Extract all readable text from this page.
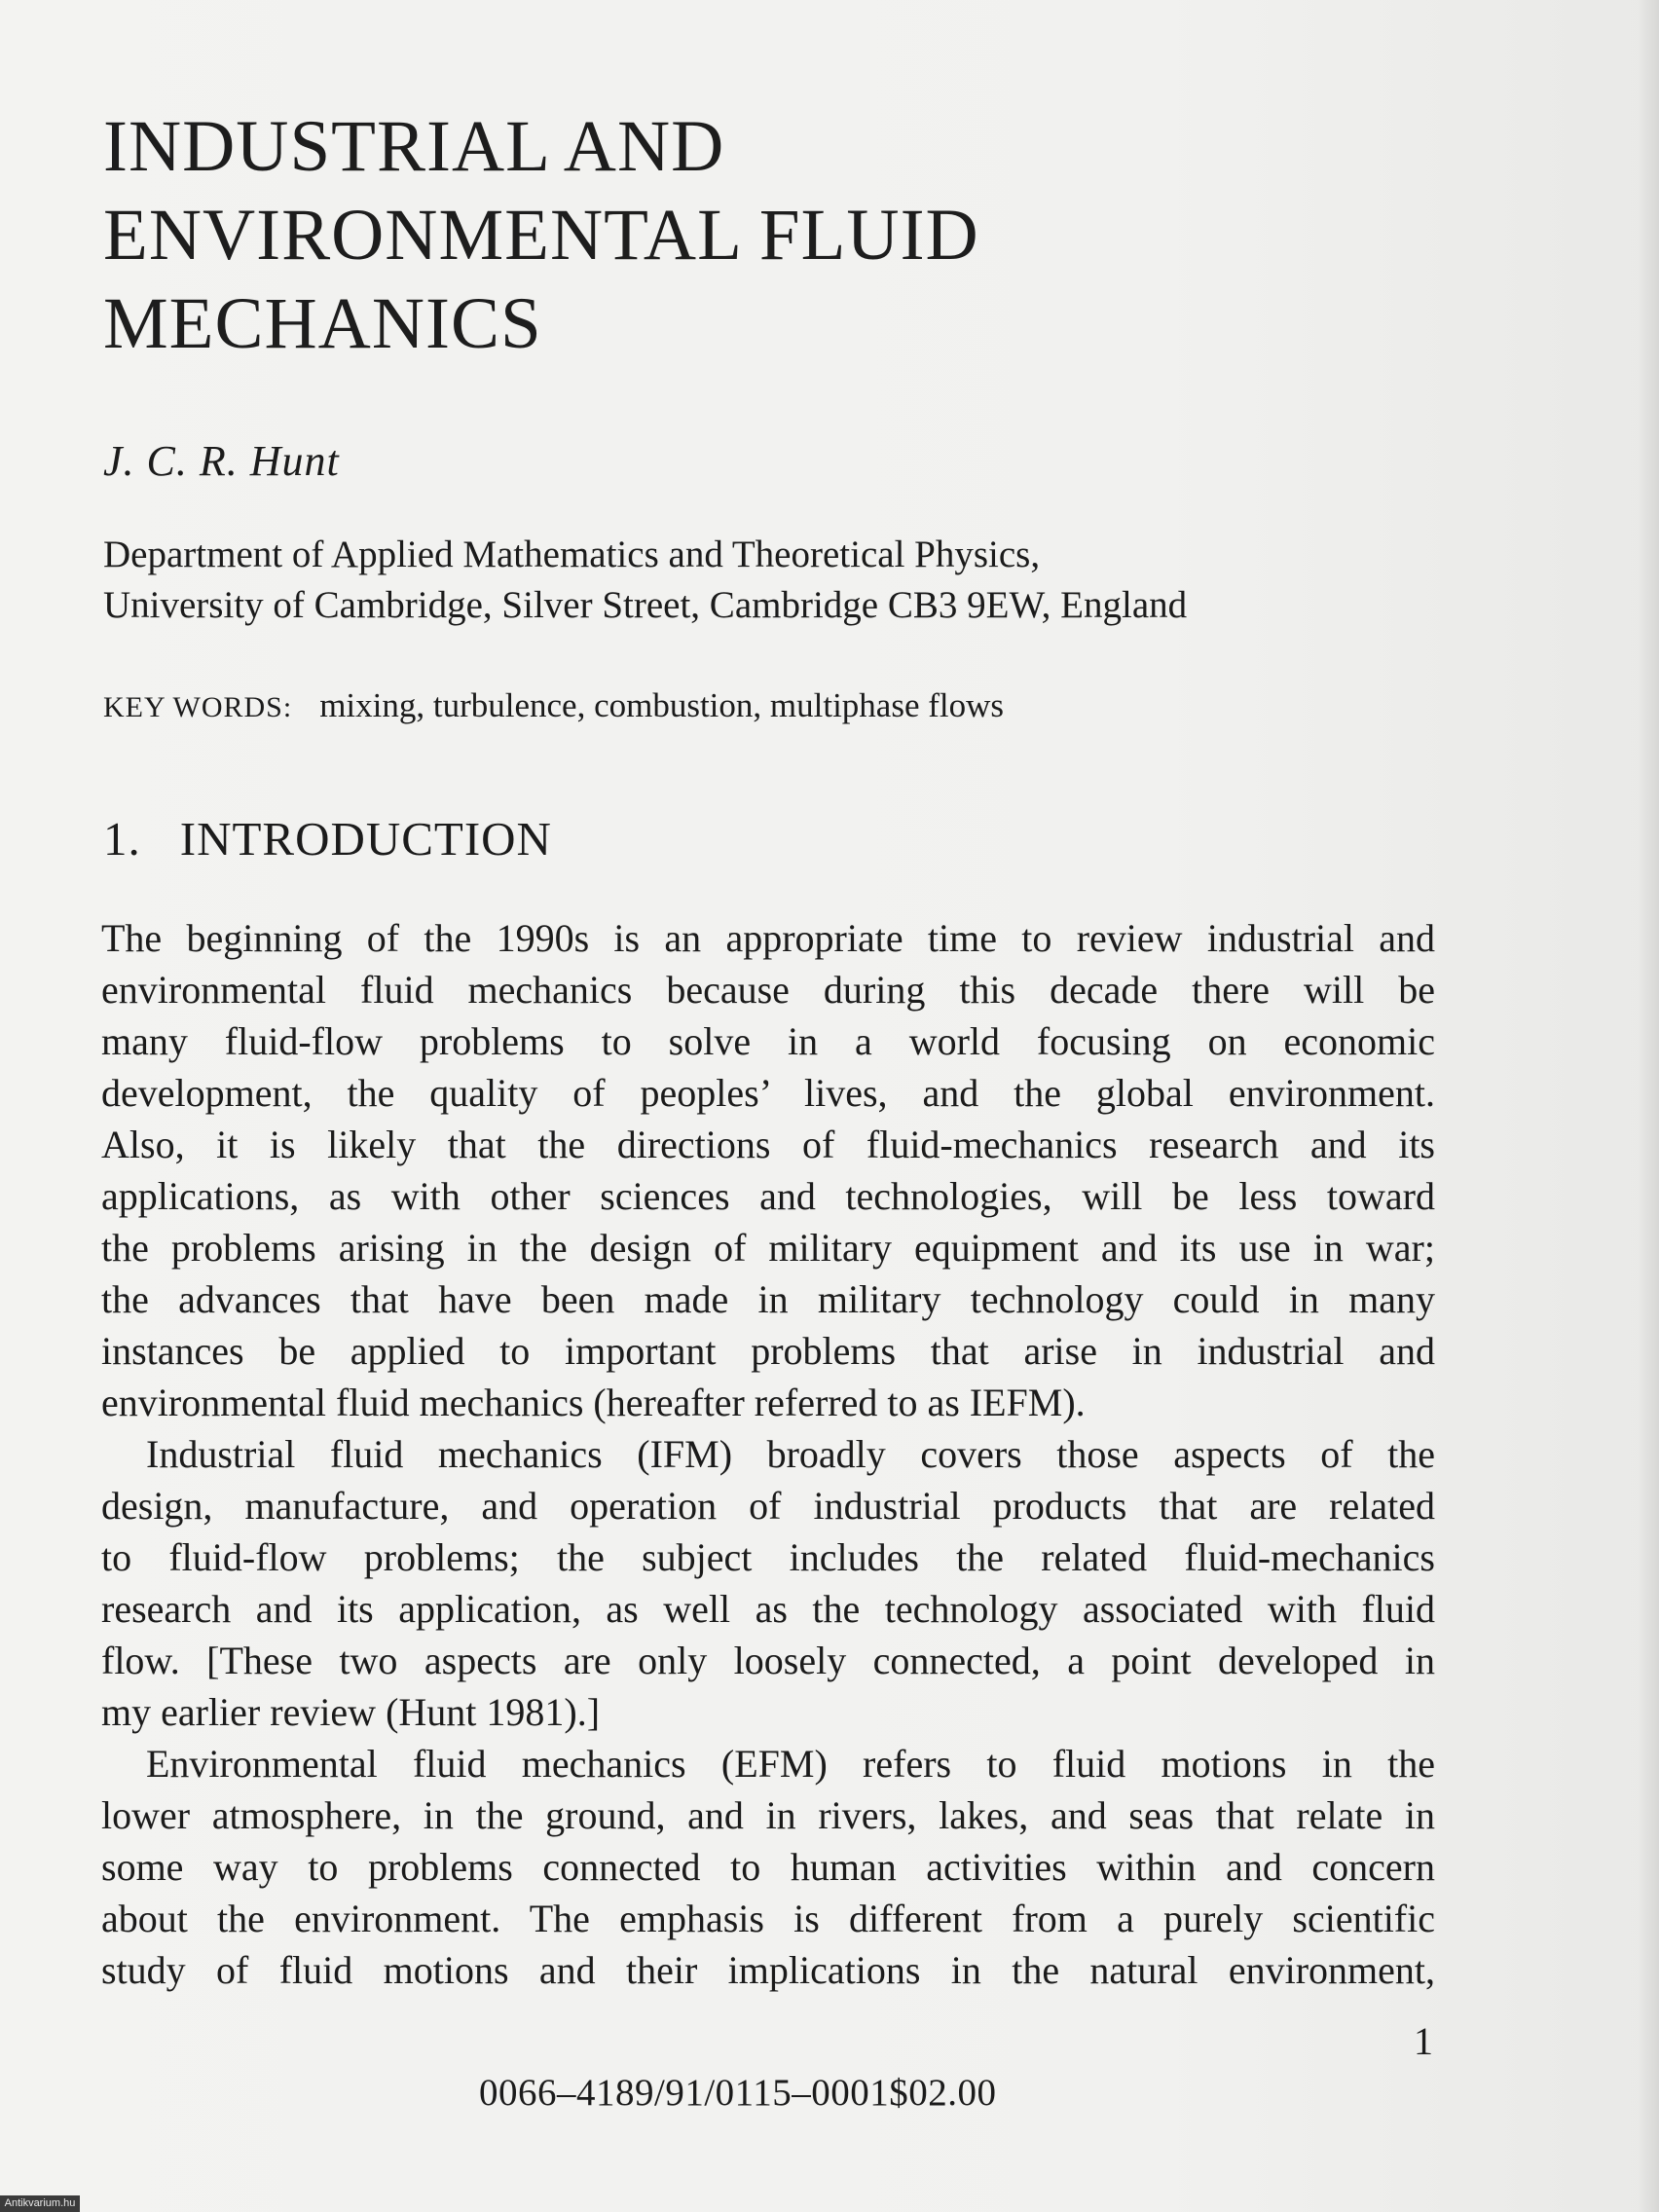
INDUSTRIAL AND
ENVIRONMENTAL FLUID
MECHANICS
J. C. R. Hunt
Department of Applied Mathematics and Theoretical Physics,
University of Cambridge, Silver Street, Cambridge CB3 9EW, England
KEY WORDS: mixing, turbulence, combustion, multiphase flows
1. INTRODUCTION
The beginning of the 1990s is an appropriate time to review industrial and
environmental fluid mechanics because during this decade there will be
many fluid-flow problems to solve in a world focusing on economic
development, the quality of peoples’ lives, and the global environment.
Also, it is likely that the directions of fluid-mechanics research and its
applications, as with other sciences and technologies, will be less toward
the problems arising in the design of military equipment and its use in war;
the advances that have been made in military technology could in many
instances be applied to important problems that arise in industrial and
environmental fluid mechanics (hereafter referred to as IEFM).
Industrial fluid mechanics (IFM) broadly covers those aspects of the
design, manufacture, and operation of industrial products that are related
to fluid-flow problems; the subject includes the related fluid-mechanics
research and its application, as well as the technology associated with fluid
flow. [These two aspects are only loosely connected, a point developed in
my earlier review (Hunt 1981).]
Environmental fluid mechanics (EFM) refers to fluid motions in the
lower atmosphere, in the ground, and in rivers, lakes, and seas that relate in
some way to problems connected to human activities within and concern
about the environment. The emphasis is different from a purely scientific
study of fluid motions and their implications in the natural environment,
1
0066–4189/91/0115–0001$02.00
Antikvarium.hu
